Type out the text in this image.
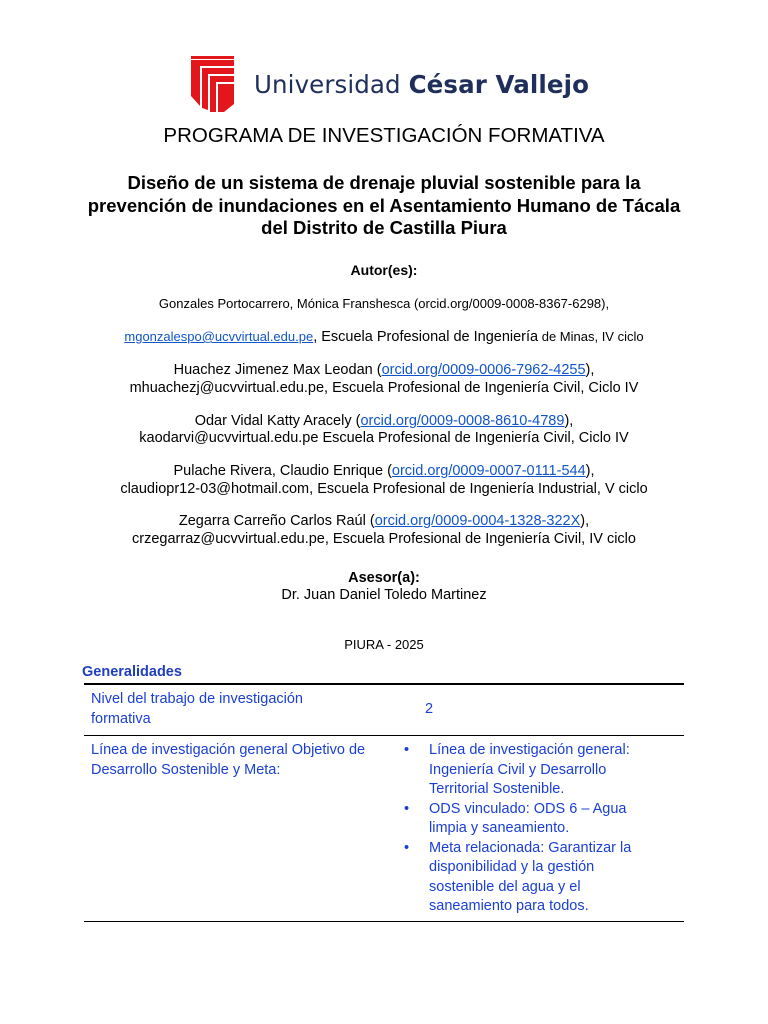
Universidad César Vallejo
PROGRAMA DE INVESTIGACIÓN FORMATIVA
Diseño de un sistema de drenaje pluvial sostenible para la prevención de inundaciones en el Asentamiento Humano de Tácala del Distrito de Castilla Piura
Autor(es):
Gonzales Portocarrero, Mónica Franshesca (orcid.org/0009-0008-8367-6298),
mgonzalespo@ucvvirtual.edu.pe, Escuela Profesional de Ingeniería de Minas, IV ciclo
Huachez Jimenez Max Leodan (orcid.org/0009-0006-7962-4255),
mhuachezj@ucvvirtual.edu.pe, Escuela Profesional de Ingeniería Civil, Ciclo IV
Odar Vidal Katty Aracely (orcid.org/0009-0008-8610-4789),
kaodarvi@ucvvirtual.edu.pe Escuela Profesional de Ingeniería Civil, Ciclo IV
Pulache Rivera, Claudio Enrique (orcid.org/0009-0007-0111-544),
claudiopr12-03@hotmail.com, Escuela Profesional de Ingeniería Industrial, V ciclo
Zegarra Carreño Carlos Raúl (orcid.org/0009-0004-1328-322X),
crzegarraz@ucvvirtual.edu.pe, Escuela Profesional de Ingeniería Civil, IV ciclo
Asesor(a):
Dr. Juan Daniel Toledo Martinez
PIURA - 2025
Generalidades
Nivel del trabajo de investigación formativa
2
Línea de investigación general Objetivo de Desarrollo Sostenible y Meta:
• Línea de investigación general: Ingeniería Civil y Desarrollo Territorial Sostenible.
• ODS vinculado: ODS 6 – Agua limpia y saneamiento.
• Meta relacionada: Garantizar la disponibilidad y la gestión sostenible del agua y el saneamiento para todos.
